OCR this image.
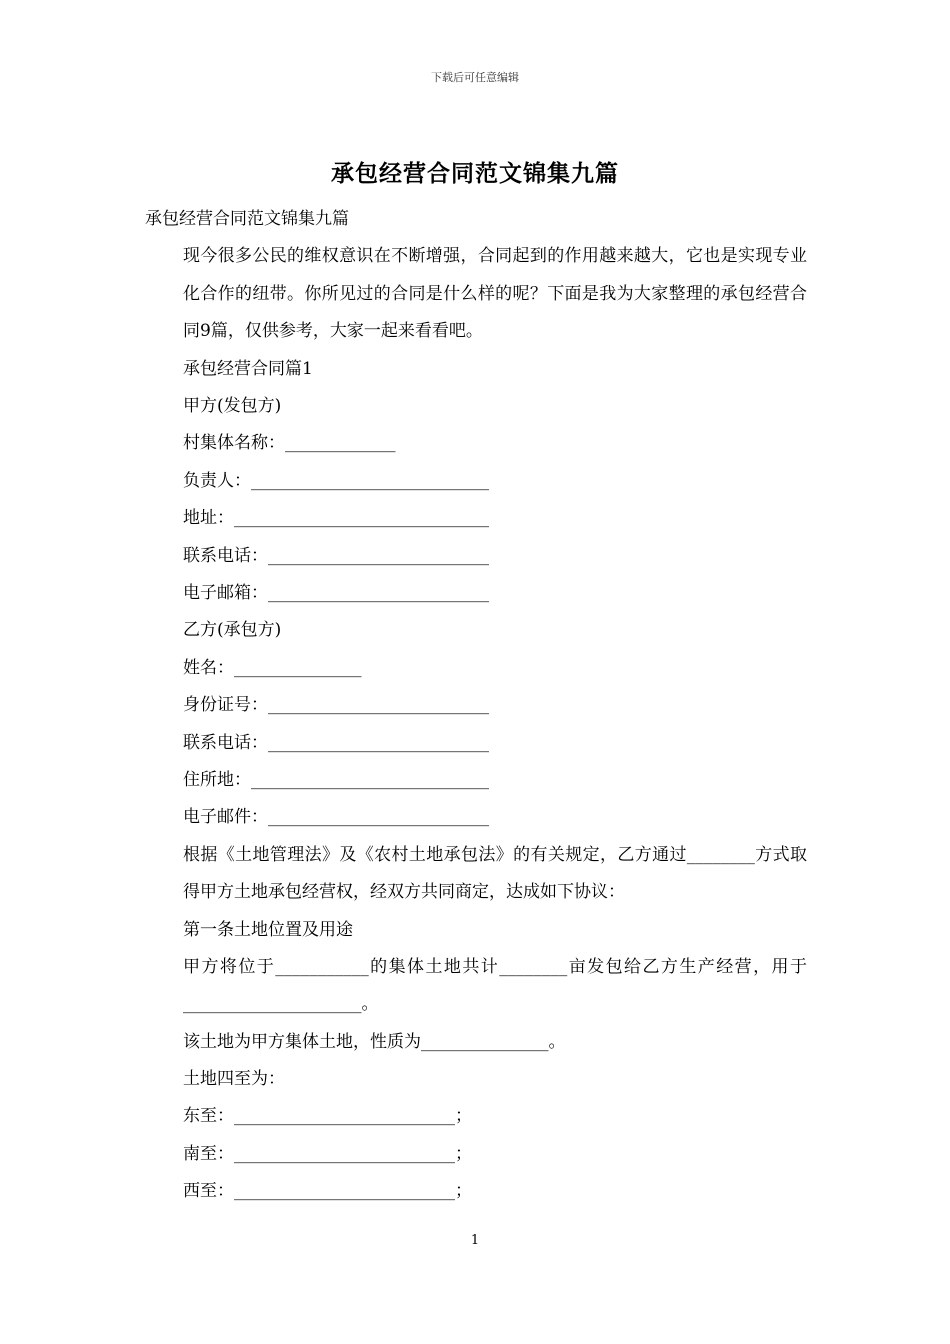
下载后可任意编辑
承包经营合同范文锦集九篇
承包经营合同范文锦集九篇
现今很多公民的维权意识在不断增强，合同起到的作用越来越大，它也是实现专业化合作的纽带。你所见过的合同是什么样的呢？下面是我为大家整理的承包经营合同9篇，仅供参考，大家一起来看看吧。
承包经营合同篇1
甲方(发包方)
村集体名称：_____________
负责人：____________________________
地址：______________________________
联系电话：__________________________
电子邮箱：__________________________
乙方(承包方)
姓名：_______________
身份证号：__________________________
联系电话：__________________________
住所地：____________________________
电子邮件：__________________________
根据《土地管理法》及《农村土地承包法》的有关规定，乙方通过________方式取得甲方土地承包经营权，经双方共同商定，达成如下协议：
第一条土地位置及用途
甲方将位于___________的集体土地共计________亩发包给乙方生产经营，用于_____________________。
该土地为甲方集体土地，性质为_______________。
土地四至为：
东至：__________________________；
南至：__________________________；
西至：__________________________；
1
